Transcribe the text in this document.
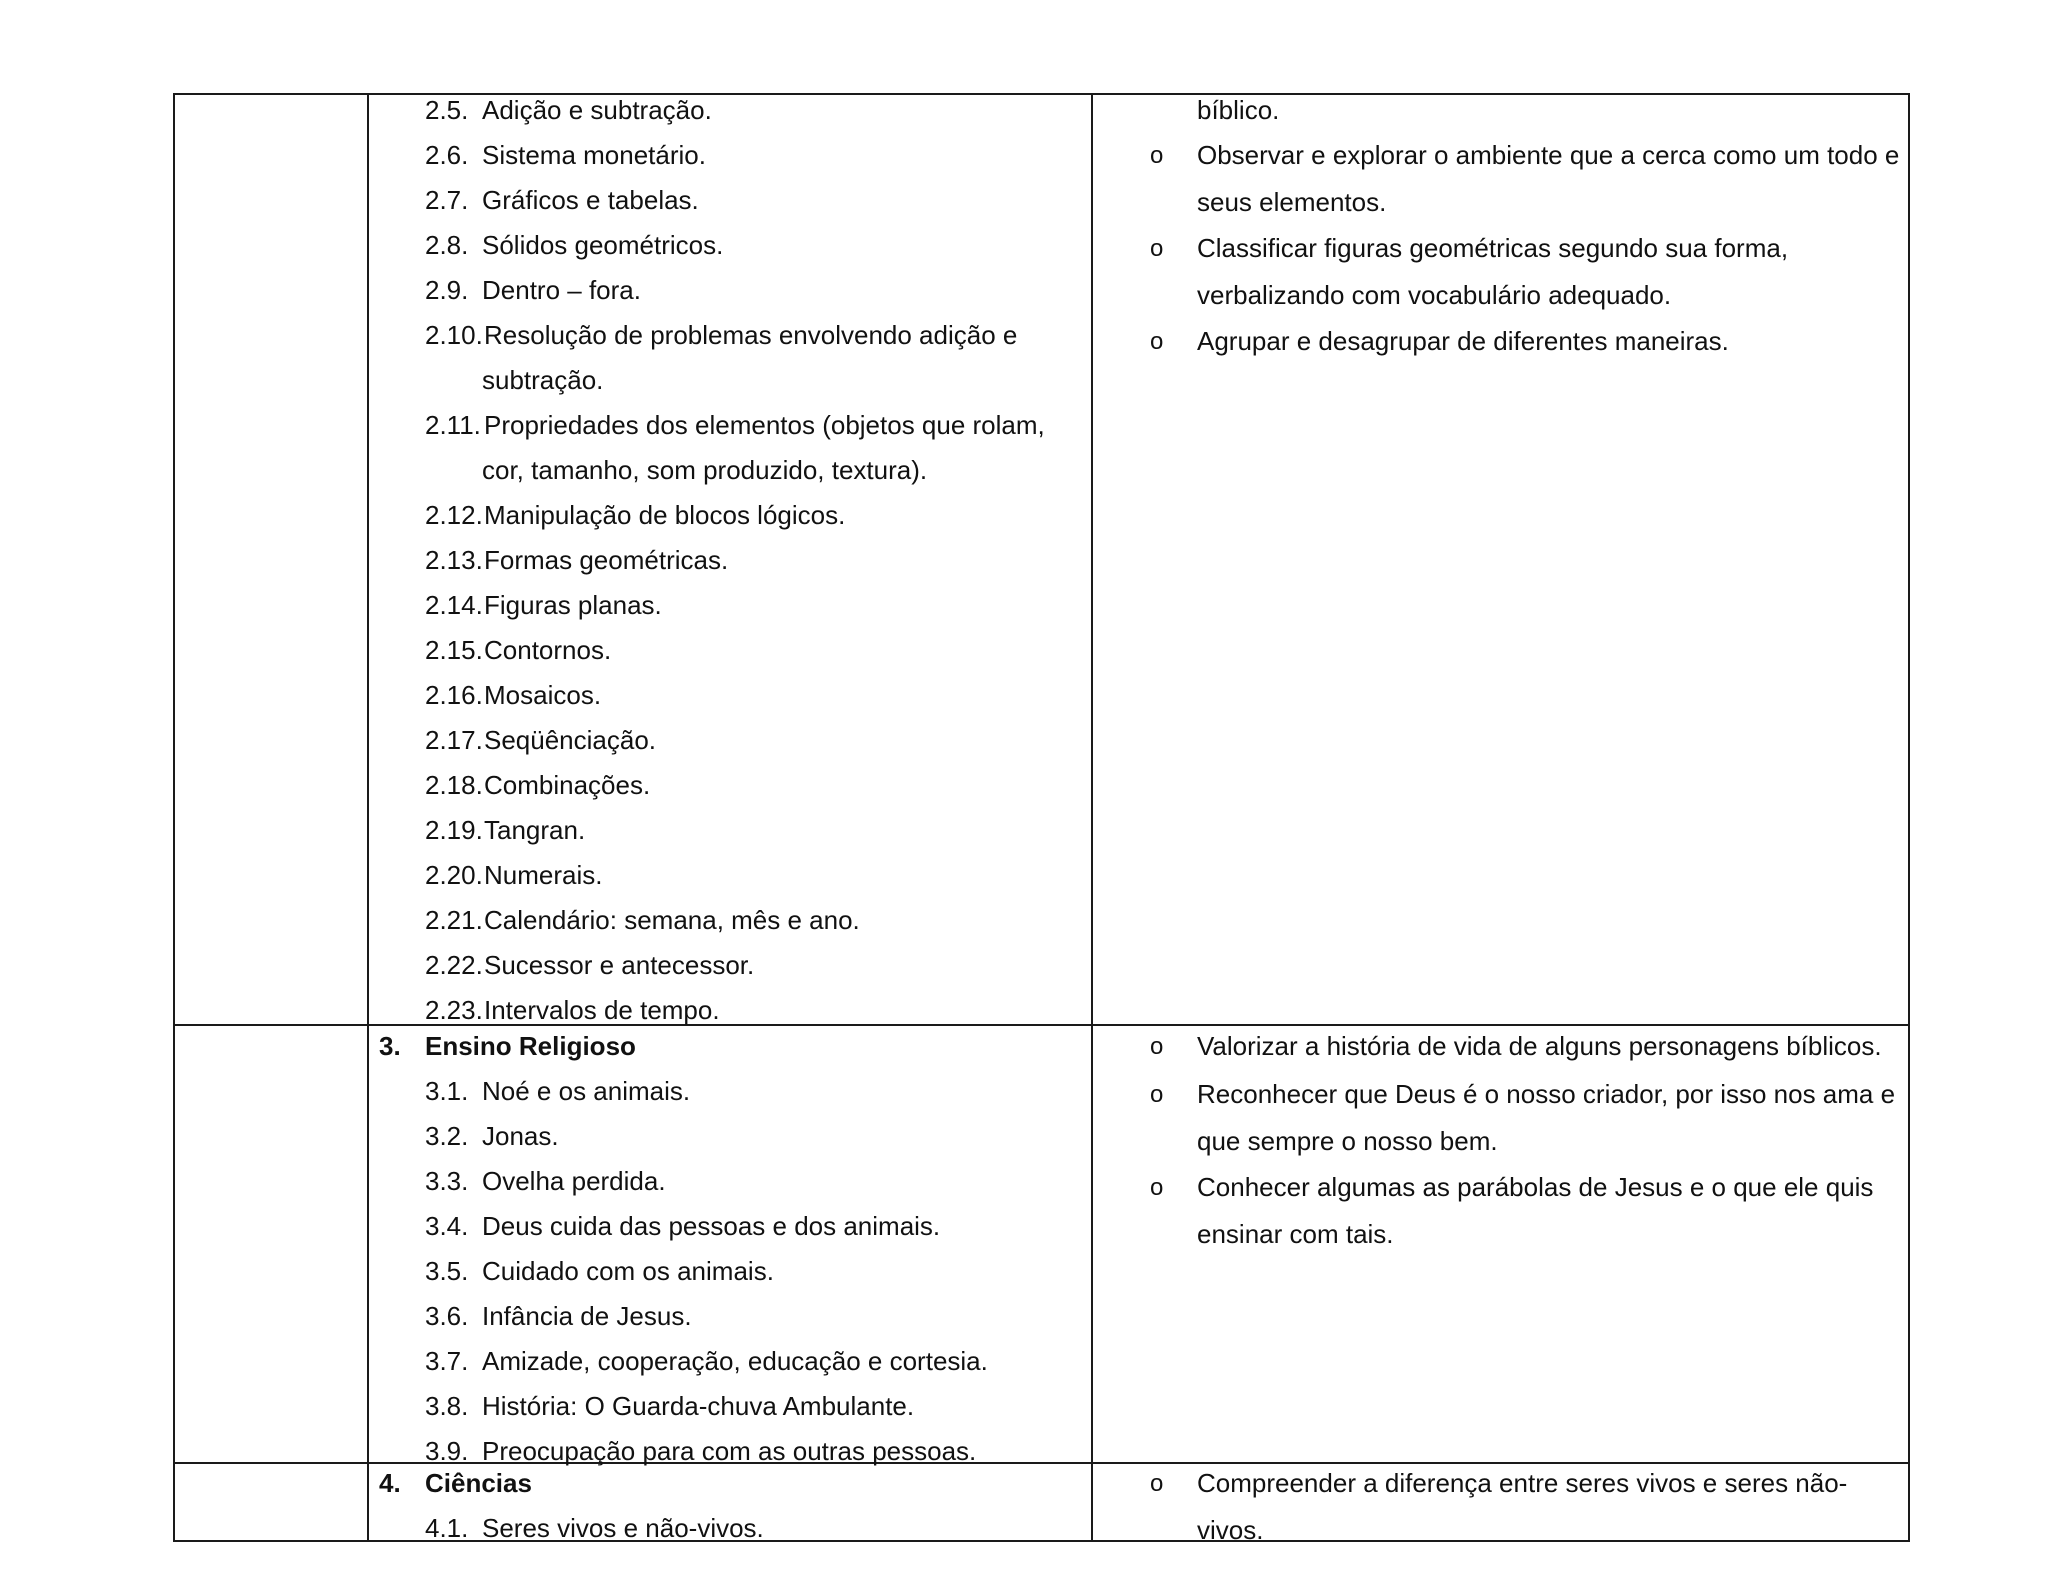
2.5. Adição e subtração.
2.6. Sistema monetário.
2.7. Gráficos e tabelas.
2.8. Sólidos geométricos.
2.9. Dentro – fora.
2.10. Resolução de problemas envolvendo adição e
subtração.
2.11. Propriedades dos elementos (objetos que rolam,
cor, tamanho, som produzido, textura).
2.12. Manipulação de blocos lógicos.
2.13. Formas geométricas.
2.14. Figuras planas.
2.15. Contornos.
2.16. Mosaicos.
2.17. Seqüênciação.
2.18. Combinações.
2.19. Tangran.
2.20. Numerais.
2.21. Calendário: semana, mês e ano.
2.22. Sucessor e antecessor.
2.23. Intervalos de tempo.
bíblico.
o Observar e explorar o ambiente que a cerca como um todo e
seus elementos.
o Classificar figuras geométricas segundo sua forma,
verbalizando com vocabulário adequado.
o Agrupar e desagrupar de diferentes maneiras.
3. Ensino Religioso
3.1. Noé e os animais.
3.2. Jonas.
3.3. Ovelha perdida.
3.4. Deus cuida das pessoas e dos animais.
3.5. Cuidado com os animais.
3.6. Infância de Jesus.
3.7. Amizade, cooperação, educação e cortesia.
3.8. História: O Guarda-chuva Ambulante.
3.9. Preocupação para com as outras pessoas.
o Valorizar a história de vida de alguns personagens bíblicos.
o Reconhecer que Deus é o nosso criador, por isso nos ama e
que sempre o nosso bem.
o Conhecer algumas as parábolas de Jesus e o que ele quis
ensinar com tais.
4. Ciências
4.1. Seres vivos e não-vivos.
o Compreender a diferença entre seres vivos e seres não-
vivos.
